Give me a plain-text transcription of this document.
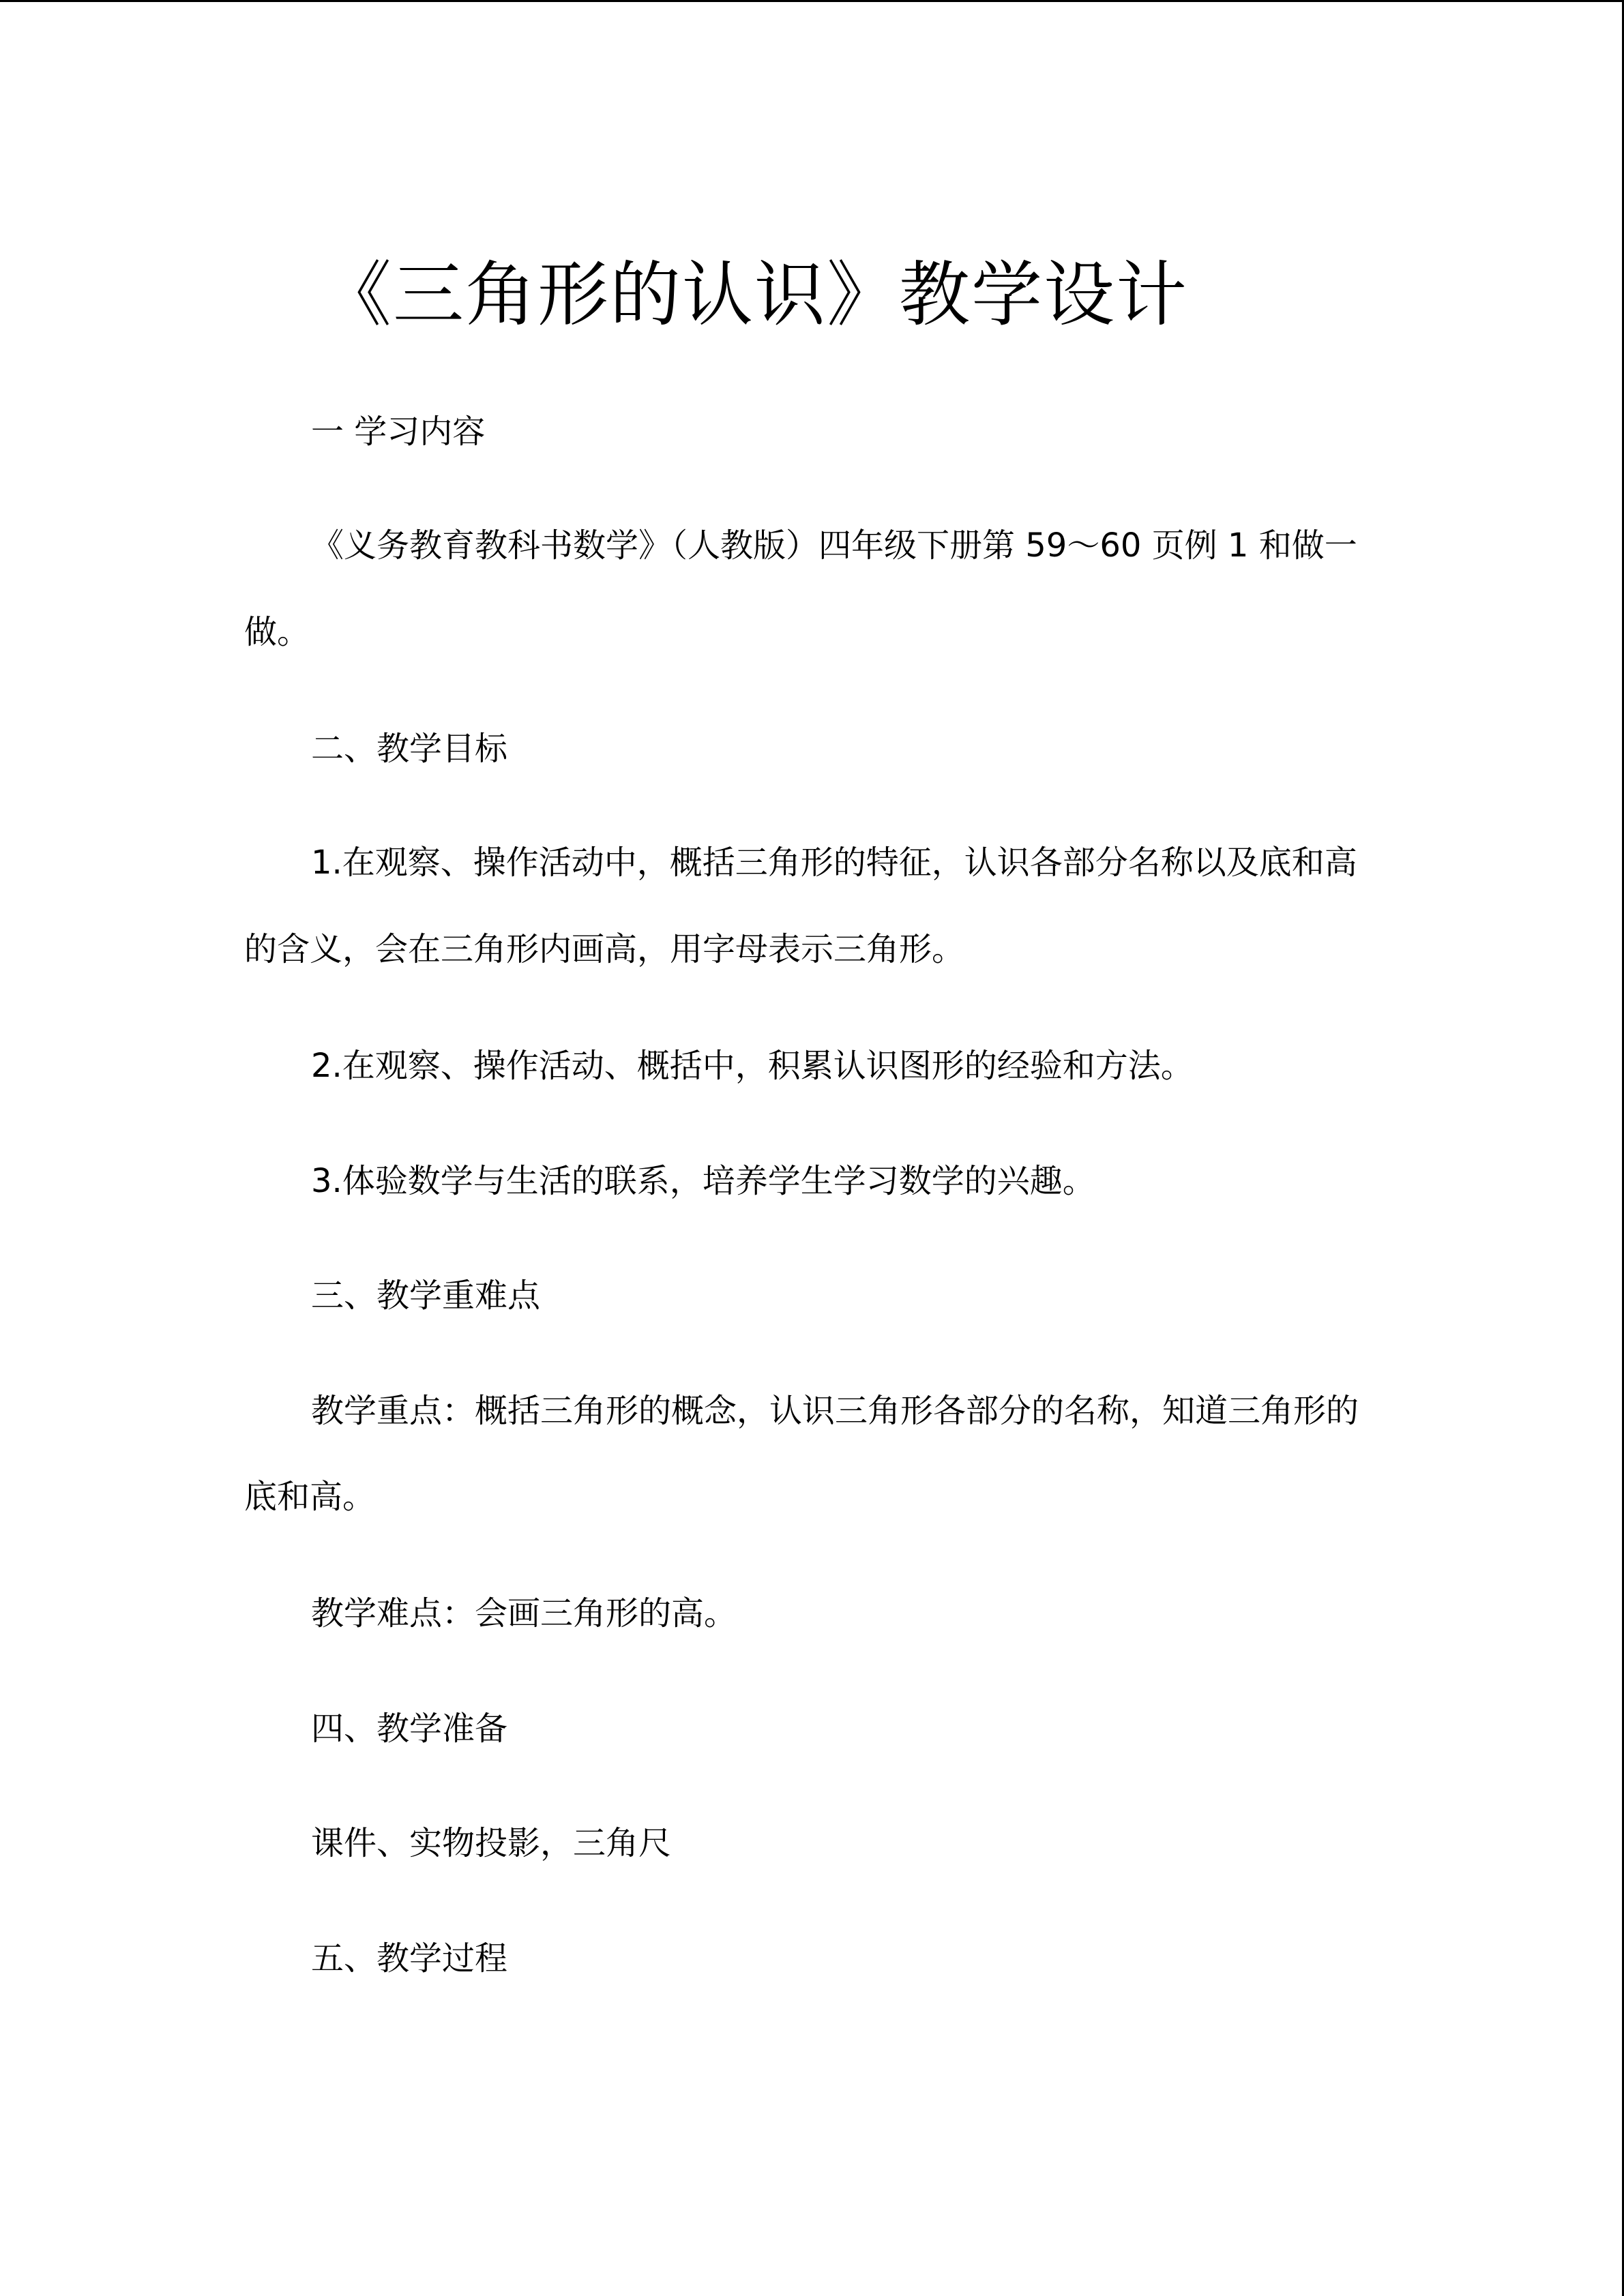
《三角形的认识》教学设计
一 学习内容
《义务教育教科书数学》（人教版）四年级下册第 59～60 页例 1 和做一
做。
二、教学目标
1.在观察、操作活动中，概括三角形的特征，认识各部分名称以及底和高
的含义，会在三角形内画高，用字母表示三角形。
2.在观察、操作活动、概括中，积累认识图形的经验和方法。
3.体验数学与生活的联系，培养学生学习数学的兴趣。
三、教学重难点
教学重点：概括三角形的概念，认识三角形各部分的名称，知道三角形的
底和高。
教学难点：会画三角形的高。
四、教学准备
课件、实物投影，三角尺
五、教学过程
